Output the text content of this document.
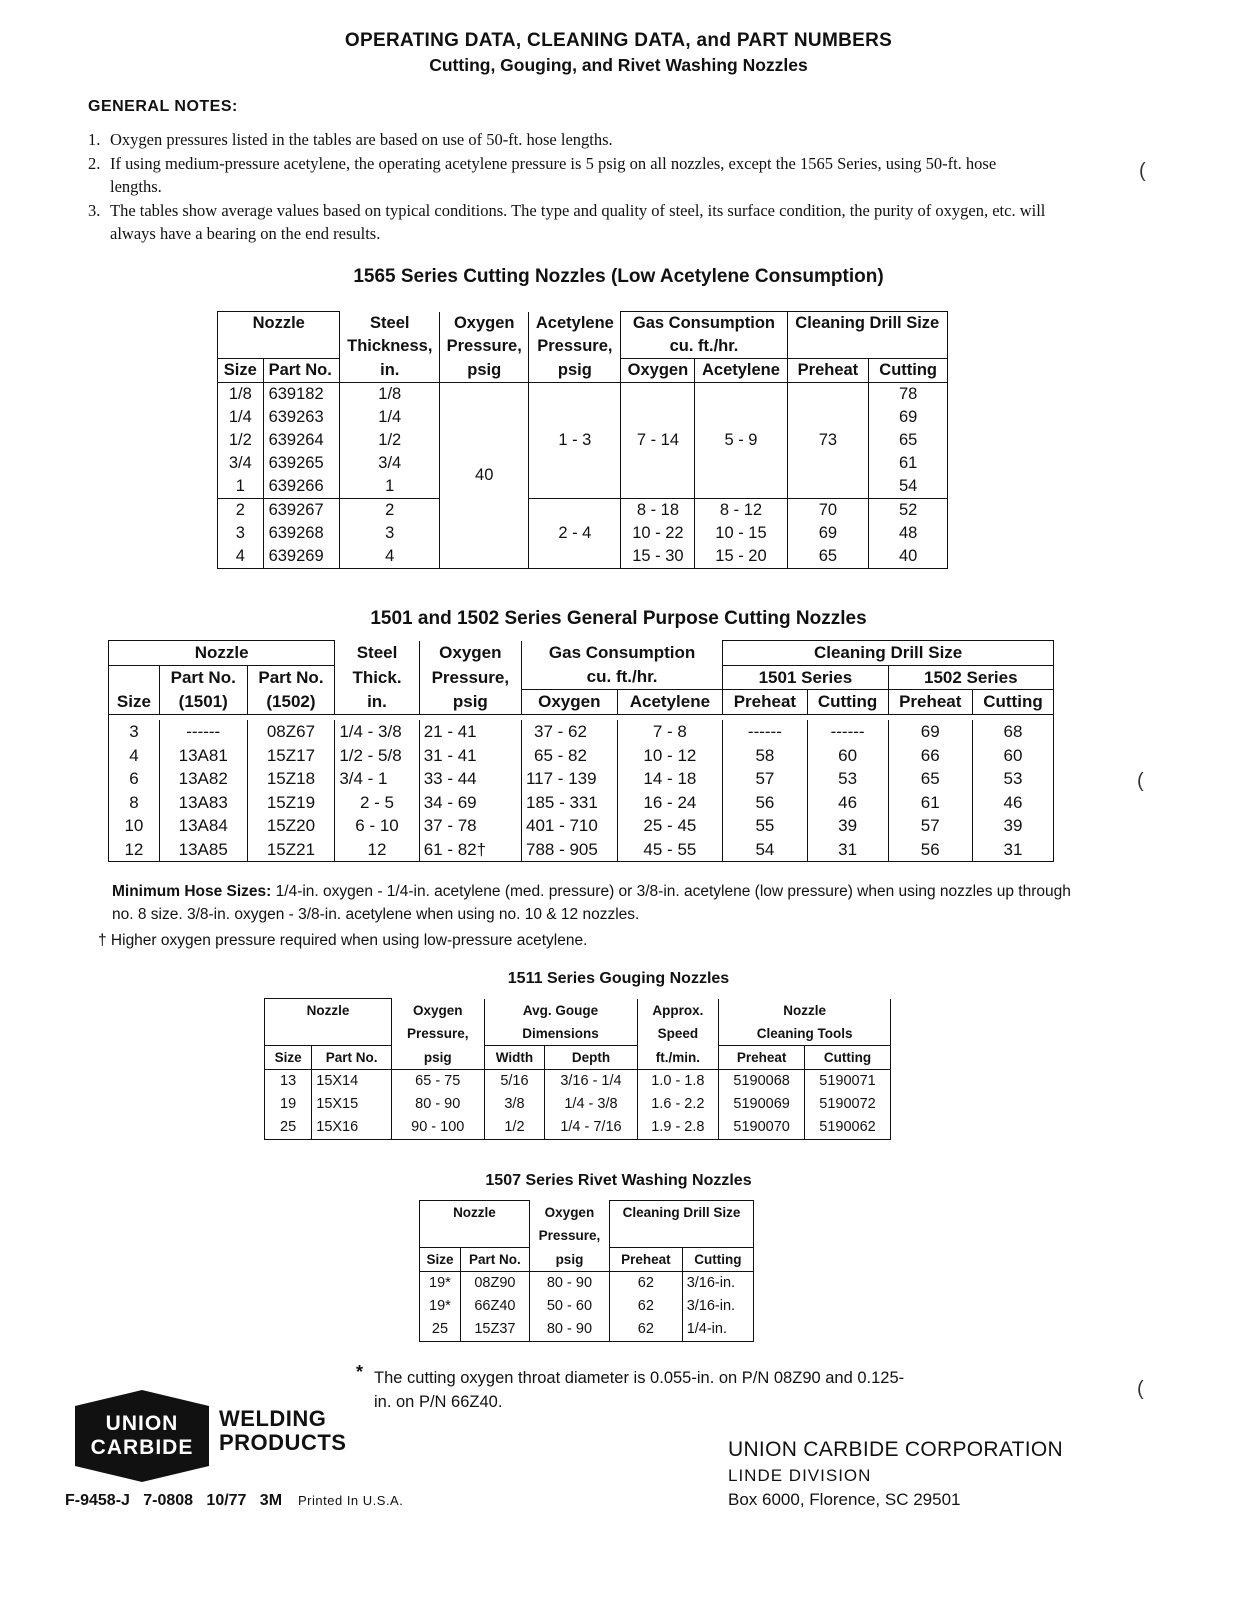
OPERATING DATA, CLEANING DATA, and PART NUMBERS
Cutting, Gouging, and Rivet Washing Nozzles
GENERAL NOTES:
1. Oxygen pressures listed in the tables are based on use of 50-ft. hose lengths.
2. If using medium-pressure acetylene, the operating acetylene pressure is 5 psig on all nozzles, except the 1565 Series, using 50-ft. hose lengths.
3. The tables show average values based on typical conditions. The type and quality of steel, its surface condition, the purity of oxygen, etc. will always have a bearing on the end results.
(
(
(
1565 Series Cutting Nozzles (Low Acetylene Consumption)
Nozzle		Steel	Oxygen	Acetylene	Gas Consumption		Cleaning Drill Size	
		Thickness,	Pressure,	Pressure,	cu. ft./hr.			
Size	Part No.	in.	psig	psig	Oxygen	Acetylene	Preheat	Cutting
1/8	639182	1/8	40	1 - 3	7 - 14	5 - 9	73	78
1/4	639263	1/4						69
1/2	639264	1/2						65
3/4	639265	3/4						61
1	639266	1						54
2	639267	2		2 - 4	8 - 18	8 - 12	70	52
3	639268	3			10 - 22	10 - 15	69	48
4	639269	4			15 - 30	15 - 20	65	40
1501 and 1502 Series General Purpose Cutting Nozzles
Nozzle			Steel	Oxygen	Gas Consumption		Cleaning Drill Size			
	Part No.	Part No.	Thick.	Pressure,	cu. ft./hr.		1501 Series		1502 Series	
Size	(1501)	(1502)	in.	psig	Oxygen	Acetylene	Preheat	Cutting	Preheat	Cutting

3	------	08Z67	1/4 - 3/8	21 - 41	37 - 62	7 - 8	------	------	69	68
4	13A81	15Z17	1/2 - 5/8	31 - 41	65 - 82	10 - 12	58	60	66	60
6	13A82	15Z18	3/4 - 1	33 - 44	117 - 139	14 - 18	57	53	65	53
8	13A83	15Z19	2 - 5	34 - 69	185 - 331	16 - 24	56	46	61	46
10	13A84	15Z20	6 - 10	37 - 78	401 - 710	25 - 45	55	39	57	39
12	13A85	15Z21	12	61 - 82†	788 - 905	45 - 55	54	31	56	31
Minimum Hose Sizes: 1/4-in. oxygen - 1/4-in. acetylene (med. pressure) or 3/8-in. acetylene (low pressure) when using nozzles up through no. 8 size. 3/8-in. oxygen - 3/8-in. acetylene when using no. 10 & 12 nozzles.
† Higher oxygen pressure required when using low-pressure acetylene.
1511 Series Gouging Nozzles
Nozzle		Oxygen	Avg. Gouge		Approx.	Nozzle	
		Pressure,	Dimensions		Speed	Cleaning Tools	
Size	Part No.	psig	Width	Depth	ft./min.	Preheat	Cutting
13	15X14	65 - 75	5/16	3/16 - 1/4	1.0 - 1.8	5190068	5190071
19	15X15	80 - 90	3/8	1/4 - 3/8	1.6 - 2.2	5190069	5190072
25	15X16	90 - 100	1/2	1/4 - 7/16	1.9 - 2.8	5190070	5190062
1507 Series Rivet Washing Nozzles
Nozzle		Oxygen	Cleaning Drill Size	
		Pressure,		
Size	Part No.	psig	Preheat	Cutting
19*	08Z90	80 - 90	62	3/16-in.
19*	66Z40	50 - 60	62	3/16-in.
25	15Z37	80 - 90	62	1/4-in.
* The cutting oxygen throat diameter is 0.055-in. on P/N 08Z90 and 0.125-in. on P/N 66Z40.
UNION
CARBIDE
WELDING
PRODUCTS	UNION CARBIDE CORPORATION
LINDE DIVISION
Box 6000, Florence, SC 29501
F-9458-J   7-0808   10/77   3M Printed In U.S.A.
